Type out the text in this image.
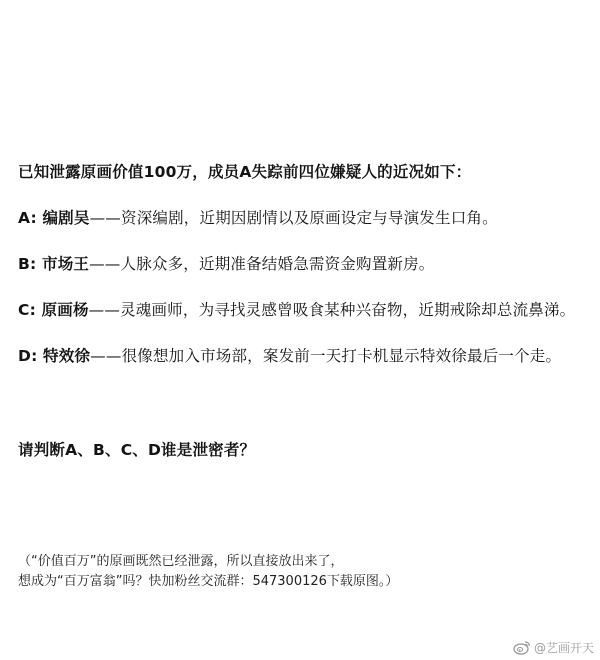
已知泄露原画价值100万，成员A失踪前四位嫌疑人的近况如下：
A: 编剧吴——资深编剧，近期因剧情以及原画设定与导演发生口角。
B: 市场王——人脉众多，近期准备结婚急需资金购置新房。
C: 原画杨——灵魂画师，为寻找灵感曾吸食某种兴奋物，近期戒除却总流鼻涕。
D: 特效徐——很像想加入市场部，案发前一天打卡机显示特效徐最后一个走。
请判断A、B、C、D谁是泄密者？
（“价值百万”的原画既然已经泄露，所以直接放出来了，
想成为“百万富翁”吗？快加粉丝交流群：547300126下载原图。）
@艺画开天
